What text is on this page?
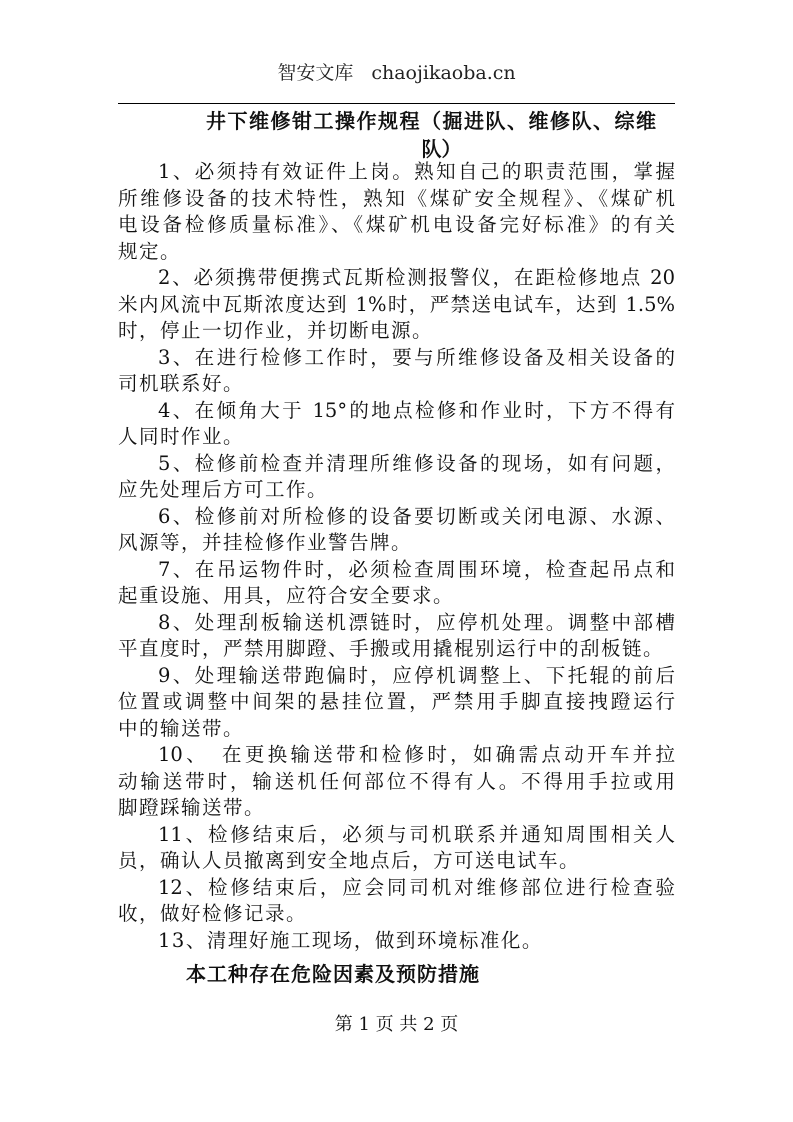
智安文库 chaojikaoba.cn
井下维修钳工操作规程（掘进队、维修队、综维
队）
1、必须持有效证件上岗。熟知自己的职责范围，掌握
所维修设备的技术特性，熟知《煤矿安全规程》、《煤矿机
电设备检修质量标准》、《煤矿机电设备完好标准》的有关
规定。
2、必须携带便携式瓦斯检测报警仪，在距检修地点 20
米内风流中瓦斯浓度达到 1%时，严禁送电试车，达到 1.5%
时，停止一切作业，并切断电源。
3、在进行检修工作时，要与所维修设备及相关设备的
司机联系好。
4、在倾角大于 15°的地点检修和作业时，下方不得有
人同时作业。
5、检修前检查并清理所维修设备的现场，如有问题，
应先处理后方可工作。
6、检修前对所检修的设备要切断或关闭电源、水源、
风源等，并挂检修作业警告牌。
7、在吊运物件时，必须检查周围环境，检查起吊点和
起重设施、用具，应符合安全要求。
8、处理刮板输送机漂链时，应停机处理。调整中部槽
平直度时，严禁用脚蹬、手搬或用撬棍别运行中的刮板链。
9、处理输送带跑偏时，应停机调整上、下托辊的前后
位置或调整中间架的悬挂位置，严禁用手脚直接拽蹬运行
中的输送带。
10、　在更换输送带和检修时，如确需点动开车并拉
动输送带时，输送机任何部位不得有人。不得用手拉或用
脚蹬踩输送带。
11、检修结束后，必须与司机联系并通知周围相关人
员，确认人员撤离到安全地点后，方可送电试车。
12、检修结束后，应会同司机对维修部位进行检查验
收，做好检修记录。
13、清理好施工现场，做到环境标准化。
本工种存在危险因素及预防措施
第 1 页 共 2 页
